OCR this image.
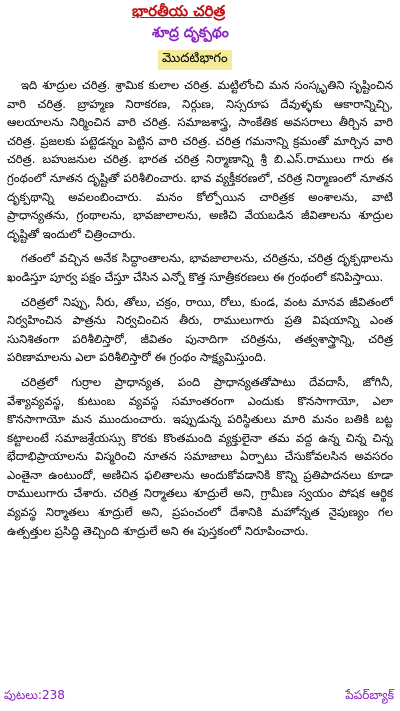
భారతీయ చరిత్ర
శూద్ర దృక్పథం
మొదటిభాగం

ఇది శూద్రుల చరిత్ర. శ్రామిక కులాల చరిత్ర. మట్టిలోంచి మన సంస్కృతిని సృష్టించిన వారి చరిత్ర. బ్రాహ్మణ నిరాకరణ, నిర్గుణ, నిస్సరూప దేవుళ్ళకు ఆకారాన్నిచ్చి, ఆలయాలను నిర్మించిన వారి చరిత్ర. సమాజశాస్త్ర, సాంకేతిక అవసరాలు తీర్చిన వారి చరిత్ర. ప్రజలకు పట్టెడన్నం పెట్టిన వారి చరిత్ర. చరిత్ర గమనాన్ని క్రమంతో మార్చిన వారి చరిత్ర. బహుజనుల చరిత్ర. భారత చరిత్ర నిర్మాణాన్ని శ్రీ బి.ఎస్.రాములు గారు ఈ గ్రంథంలో నూతన దృష్టితో పరిశీలించారు. భావ వ్యక్తీకరణలో, చరిత్ర నిర్మాణంలో నూతన దృక్పథాన్ని అవలంబించారు. మనం కోల్పోయిన చారిత్రక అంశాలను, వాటి ప్రాధాన్యతను, గ్రంథాలను, భావజాలాలను, అణిచి వేయబడిన జీవితాలను శూద్రుల దృష్టితో ఇందులో చిత్రించారు.

గతంలో వచ్చిన అనేక సిద్ధాంతాలను, భావజాలాలను, చరిత్రను, చరిత్ర దృక్పథాలను ఖండిస్తూ పూర్వ పక్షం చేస్తూ చేసిన ఎన్నో కొత్త సూత్రీకరణలు ఈ గ్రంథంలో కనిపిస్తాయి.

చరిత్రలో నిప్పు, నీరు, తోలు, చక్రం, రాయి, రోలు, కుండ, వంట మానవ జీవితంలో నిర్వహించిన పాత్రను నిర్వచించిన తీరు, రాములుగారు ప్రతి విషయాన్ని ఎంత సునిశితంగా పరిశీలిస్తారో, జీవితం పునాదిగా చరిత్రను, తత్వశాస్త్రాన్ని, చరిత్ర పరిణామాలను ఎలా పరిశీలిస్తారో ఈ గ్రంథం సాక్ష్యమిస్తుంది.

చరిత్రలో గుర్రాల ప్రాధాన్యత, పంది ప్రాధాన్యతతోపాటు దేవదాసీ, జోగినీ, వేశ్యావ్యవస్థ, కుటుంబ వ్యవస్థ సమాంతరంగా ఎందుకు కొనసాగాయో, ఎలా కొనసాగాయో మన ముందుంచారు. ఇప్పుడున్న పరిస్థితులు మారి మనం బతికి బట్ట కట్టాలంటే సమాజశ్రేయస్సు కొరకు కొంతమంది వ్యక్తులైనా తమ వద్ద ఉన్న చిన్న చిన్న భేదాభిప్రాయాలను విస్మరించి నూతన సమాజాలు ఏర్పాటు చేసుకోవలసిన అవసరం ఎంతైనా ఉంటుందో, అణిచిన ఫలితాలను అందుకోవడానికి కొన్ని ప్రతిపాదనలు కూడా రాములుగారు చేశారు. చరిత్ర నిర్మాతలు శూద్రులే అని, గ్రామీణ స్వయం పోషక ఆర్థిక వ్యవస్థ నిర్మాతలు శూద్రులే అని, ప్రపంచంలో దేశానికి మహోన్నత నైపుణ్యం గల ఉత్పత్తుల ప్రసిద్ధి తెచ్చింది శూద్రులే అని ఈ పుస్తకంలో నిరూపించారు.

పుటలు:238	పేపర్‌బ్యాక్
